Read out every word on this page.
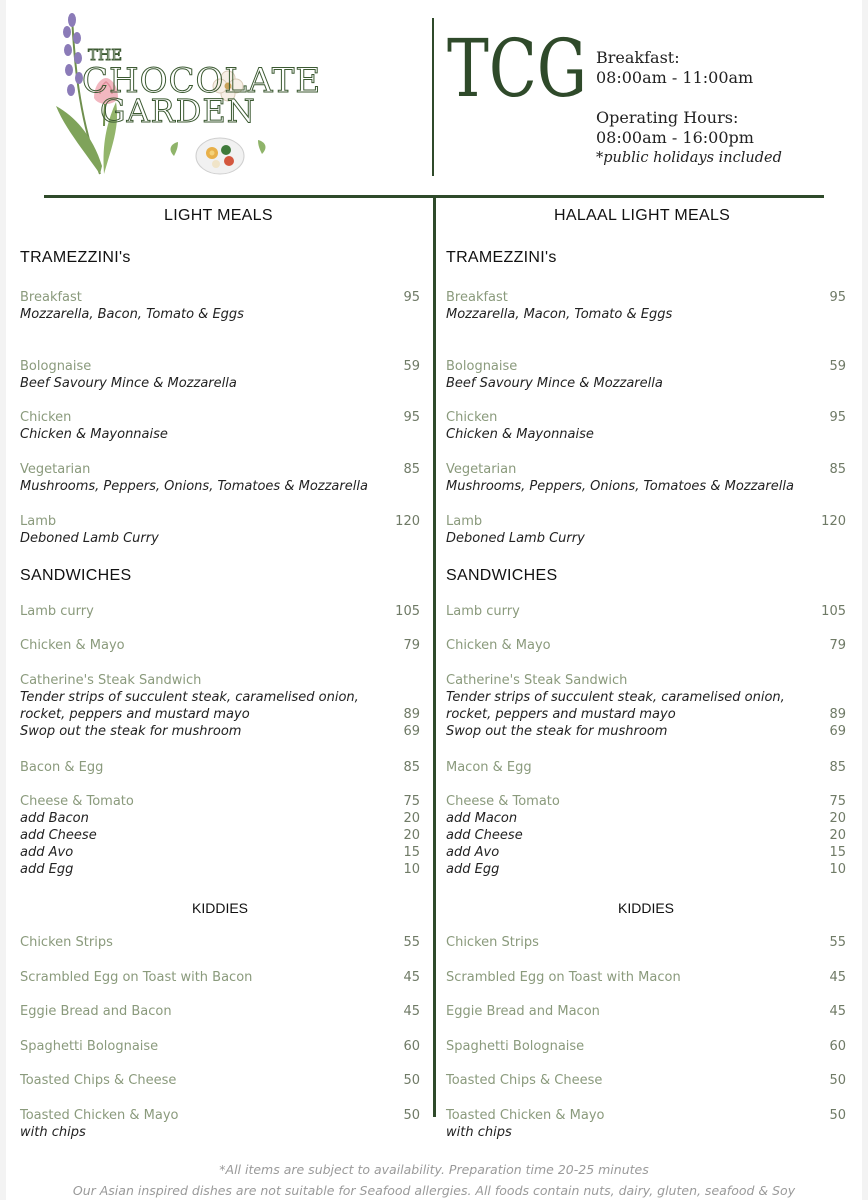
THE
CHOCOLATE
GARDEN TCG Breakfast:
08:00am - 11:00am
Operating Hours:
08:00am - 16:00pm
*public holidays included
LIGHT MEALS
TRAMEZZINI's
Breakfast	95
Mozzarella, Bacon, Tomato & Eggs
Bolognaise	59
Beef Savoury Mince & Mozzarella
Chicken	95
Chicken & Mayonnaise
Vegetarian	85
Mushrooms, Peppers, Onions, Tomatoes & Mozzarella
Lamb	120
Deboned Lamb Curry
SANDWICHES
Lamb curry	105
Chicken & Mayo	79
Catherine's Steak Sandwich
Tender strips of succulent steak, caramelised onion,
rocket, peppers and mustard mayo	89
Swop out the steak for mushroom	69
Bacon & Egg	85
Cheese & Tomato	75
add Bacon	20
add Cheese	20
add Avo	15
add Egg	10
KIDDIES
Chicken Strips	55
Scrambled Egg on Toast with Bacon	45
Eggie Bread and Bacon	45
Spaghetti Bolognaise	60
Toasted Chips & Cheese	50
Toasted Chicken & Mayo	50
with chips
HALAAL LIGHT MEALS
TRAMEZZINI's
Breakfast	95
Mozzarella, Macon, Tomato & Eggs
Bolognaise	59
Beef Savoury Mince & Mozzarella
Chicken	95
Chicken & Mayonnaise
Vegetarian	85
Mushrooms, Peppers, Onions, Tomatoes & Mozzarella
Lamb	120
Deboned Lamb Curry
SANDWICHES
Lamb curry	105
Chicken & Mayo	79
Catherine's Steak Sandwich
Tender strips of succulent steak, caramelised onion,
rocket, peppers and mustard mayo	89
Swop out the steak for mushroom	69
Macon & Egg	85
Cheese & Tomato	75
add Macon	20
add Cheese	20
add Avo	15
add Egg	10
KIDDIES
Chicken Strips	55
Scrambled Egg on Toast with Macon	45
Eggie Bread and Macon	45
Spaghetti Bolognaise	60
Toasted Chips & Cheese	50
Toasted Chicken & Mayo	50
with chips
*All items are subject to availability. Preparation time 20-25 minutes
Our Asian inspired dishes are not suitable for Seafood allergies. All foods contain nuts, dairy, gluten, seafood & Soy
